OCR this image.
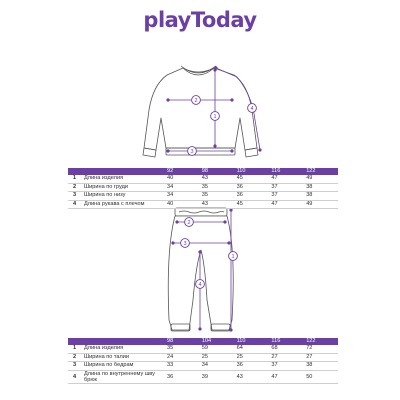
playToday
1
2
3
4
1
2
3
4
		92	98	110	116	122
1	Длина изделия	40	43	45	47	49
2	Ширина по груди	34	35	36	37	38
3	Ширина по низу	34	35	36	37	38
4	Длина рукава с плечом	40	43	45	47	49
		98	104	110	116	122
1	Длина изделия	35	59	64	68	72
2	Ширина по талии	24	25	25	27	27
3	Ширина по бедрам	33	34	36	37	38
4	Длина по внутреннему шву брюк	36	39	43	47	50
